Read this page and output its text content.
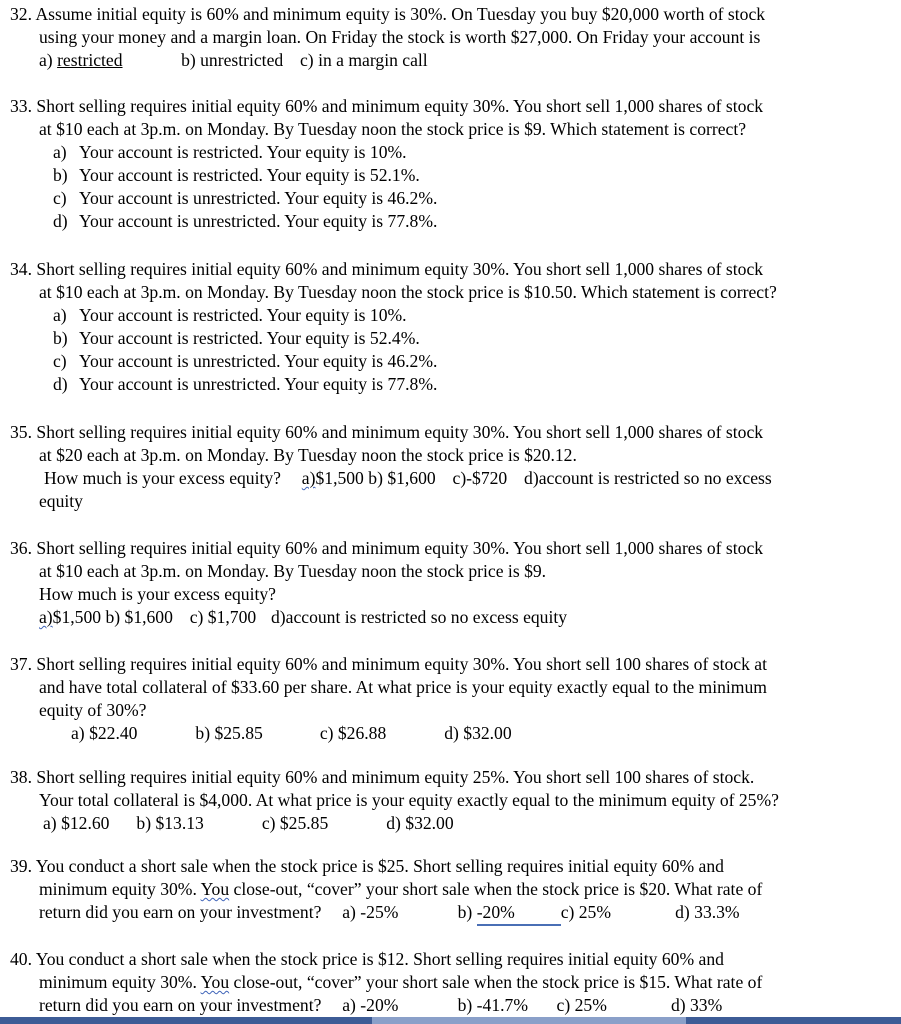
32. Assume initial equity is 60% and minimum equity is 30%. On Tuesday you buy $20,000 worth of stock
using your money and a margin loan. On Friday the stock is worth $27,000. On Friday your account is
a) restricted	b) unrestricted c) in a margin call
33. Short selling requires initial equity 60% and minimum equity 30%. You short sell 1,000 shares of stock
at $10 each at 3p.m. on Monday. By Tuesday noon the stock price is $9. Which statement is correct?
a) Your account is restricted. Your equity is 10%.
b) Your account is restricted. Your equity is 52.1%.
c) Your account is unrestricted. Your equity is 46.2%.
d) Your account is unrestricted. Your equity is 77.8%.
34. Short selling requires initial equity 60% and minimum equity 30%. You short sell 1,000 shares of stock
at $10 each at 3p.m. on Monday. By Tuesday noon the stock price is $10.50. Which statement is correct?
a) Your account is restricted. Your equity is 10%.
b) Your account is restricted. Your equity is 52.4%.
c) Your account is unrestricted. Your equity is 46.2%.
d) Your account is unrestricted. Your equity is 77.8%.
35. Short selling requires initial equity 60% and minimum equity 30%. You short sell 1,000 shares of stock
at $20 each at 3p.m. on Monday. By Tuesday noon the stock price is $20.12.
How much is your excess equity? a)$1,500 b) $1,600 c)-$720 d)account is restricted so no excess
equity
36. Short selling requires initial equity 60% and minimum equity 30%. You short sell 1,000 shares of stock
at $10 each at 3p.m. on Monday. By Tuesday noon the stock price is $9.
How much is your excess equity?
a)$1,500 b) $1,600 c) $1,700 d)account is restricted so no excess equity
37. Short selling requires initial equity 60% and minimum equity 30%. You short sell 100 shares of stock at
and have total collateral of $33.60 per share. At what price is your equity exactly equal to the minimum
equity of 30%?
a) $22.40	b) $25.85	c) $26.88	d) $32.00
38. Short selling requires initial equity 60% and minimum equity 25%. You short sell 100 shares of stock.
Your total collateral is $4,000. At what price is your equity exactly equal to the minimum equity of 25%?
a) $12.60 b) $13.13	c) $25.85	d) $32.00
39. You conduct a short sale when the stock price is $25. Short selling requires initial equity 60% and
minimum equity 30%. You close-out, “cover” your short sale when the stock price is $20. What rate of
return did you earn on your investment? a) -25%	b) -20%	c) 25%	d) 33.3%
40. You conduct a short sale when the stock price is $12. Short selling requires initial equity 60% and
minimum equity 30%. You close-out, “cover” your short sale when the stock price is $15. What rate of
return did you earn on your investment? a) -20%	b) -41.7% c) 25%	d) 33%
